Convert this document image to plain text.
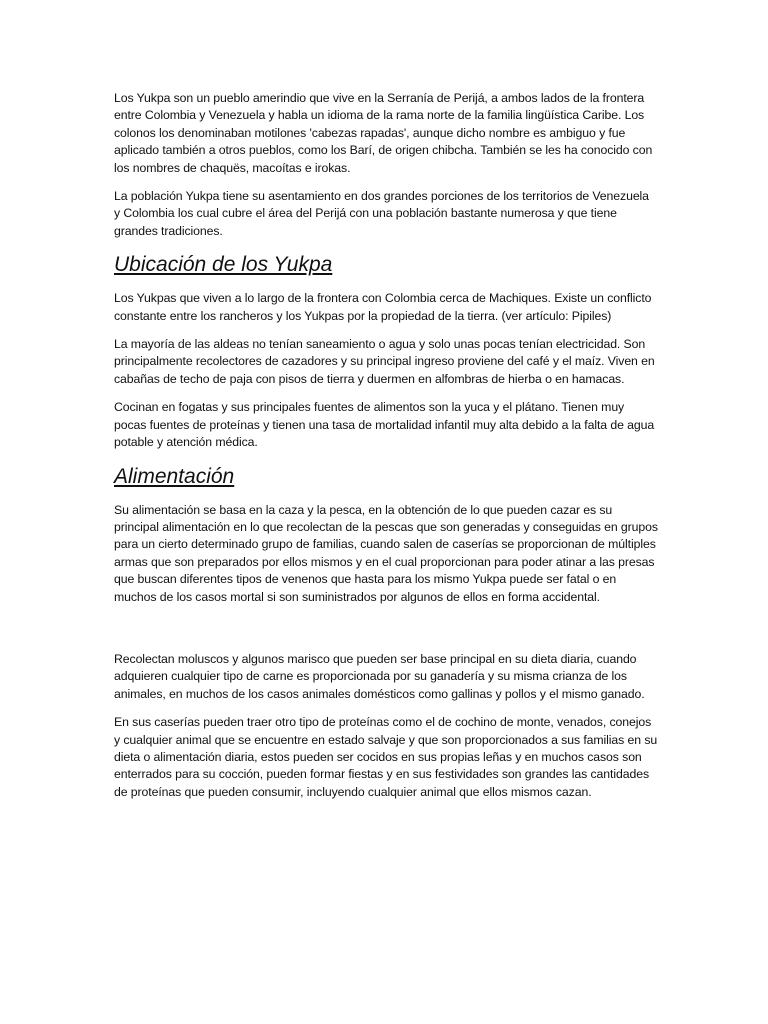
Los Yukpa son un pueblo amerindio que vive en la Serranía de Perijá, a ambos lados de la frontera entre Colombia y Venezuela y habla un idioma de la rama norte de la familia lingüística Caribe. Los colonos los denominaban motilones 'cabezas rapadas', aunque dicho nombre es ambiguo y fue aplicado también a otros pueblos, como los Barí, de origen chibcha. También se les ha conocido con los nombres de chaquës, macoítas e irokas.

La población Yukpa tiene su asentamiento en dos grandes porciones de los territorios de Venezuela y Colombia los cual cubre el área del Perijá con una población bastante numerosa y que tiene grandes tradiciones.

Ubicación de los Yukpa

Los Yukpas que viven a lo largo de la frontera con Colombia cerca de Machiques. Existe un conflicto constante entre los rancheros y los Yukpas por la propiedad de la tierra. (ver artículo: Pipiles)

La mayoría de las aldeas no tenían saneamiento o agua y solo unas pocas tenían electricidad. Son principalmente recolectores de cazadores y su principal ingreso proviene del café y el maíz. Viven en cabañas de techo de paja con pisos de tierra y duermen en alfombras de hierba o en hamacas.

Cocinan en fogatas y sus principales fuentes de alimentos son la yuca y el plátano. Tienen muy pocas fuentes de proteínas y tienen una tasa de mortalidad infantil muy alta debido a la falta de agua potable y atención médica.

Alimentación

Su alimentación se basa en la caza y la pesca, en la obtención de lo que pueden cazar es su principal alimentación en lo que recolectan de la pescas que son generadas y conseguidas en grupos para un cierto determinado grupo de familias, cuando salen de caserías se proporcionan de múltiples armas que son preparados por ellos mismos y en el cual proporcionan para poder atinar a las presas que buscan diferentes tipos de venenos que hasta para los mismo Yukpa puede ser fatal o en muchos de los casos mortal si son suministrados por algunos de ellos en forma accidental.

Recolectan moluscos y algunos marisco que pueden ser base principal en su dieta diaria, cuando adquieren cualquier tipo de carne es proporcionada por su ganadería y su misma crianza de los animales, en muchos de los casos animales domésticos como gallinas y pollos y el mismo ganado.

En sus caserías pueden traer otro tipo de proteínas como el de cochino de monte, venados, conejos y cualquier animal que se encuentre en estado salvaje y que son proporcionados a sus familias en su dieta o alimentación diaria, estos pueden ser cocidos en sus propias leñas y en muchos casos son enterrados para su cocción, pueden formar fiestas y en sus festividades son grandes las cantidades de proteínas que pueden consumir, incluyendo cualquier animal que ellos mismos cazan.
